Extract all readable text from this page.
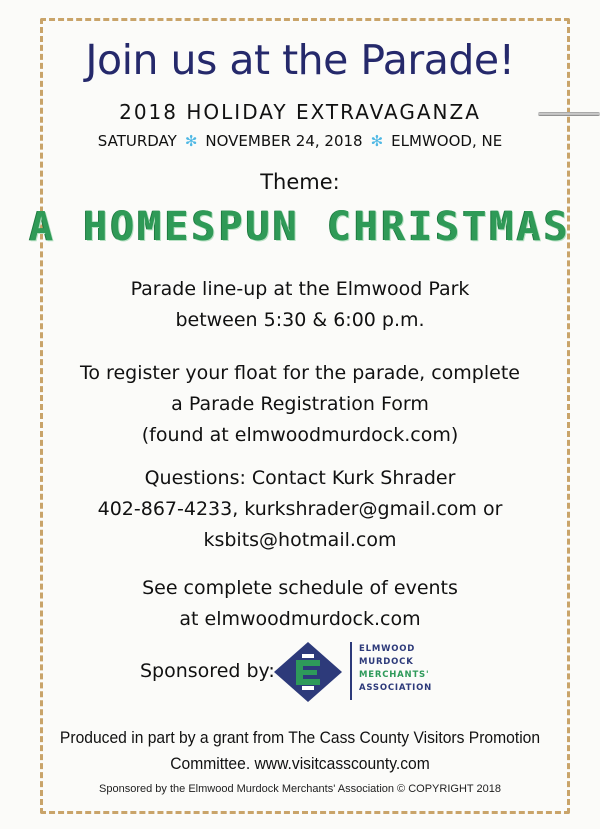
Join us at the Parade!
2018 HOLIDAY EXTRAVAGANZA
SATURDAY ✻ NOVEMBER 24, 2018 ✻ ELMWOOD, NE
Theme:
A HOMESPUN CHRISTMAS
Parade line-up at the Elmwood Park
between 5:30 & 6:00 p.m.
To register your float for the parade, complete
a Parade Registration Form
(found at elmwoodmurdock.com)
Questions: Contact Kurk Shrader
402-867-4233, kurkshrader@gmail.com or
ksbits@hotmail.com
See complete schedule of events
at elmwoodmurdock.com
Sponsored by:
ELMWOOD
MURDOCK
MERCHANTS'
ASSOCIATION
Produced in part by a grant from The Cass County Visitors Promotion
Committee. www.visitcasscounty.com
Sponsored by the Elmwood Murdock Merchants' Association © COPYRIGHT 2018
